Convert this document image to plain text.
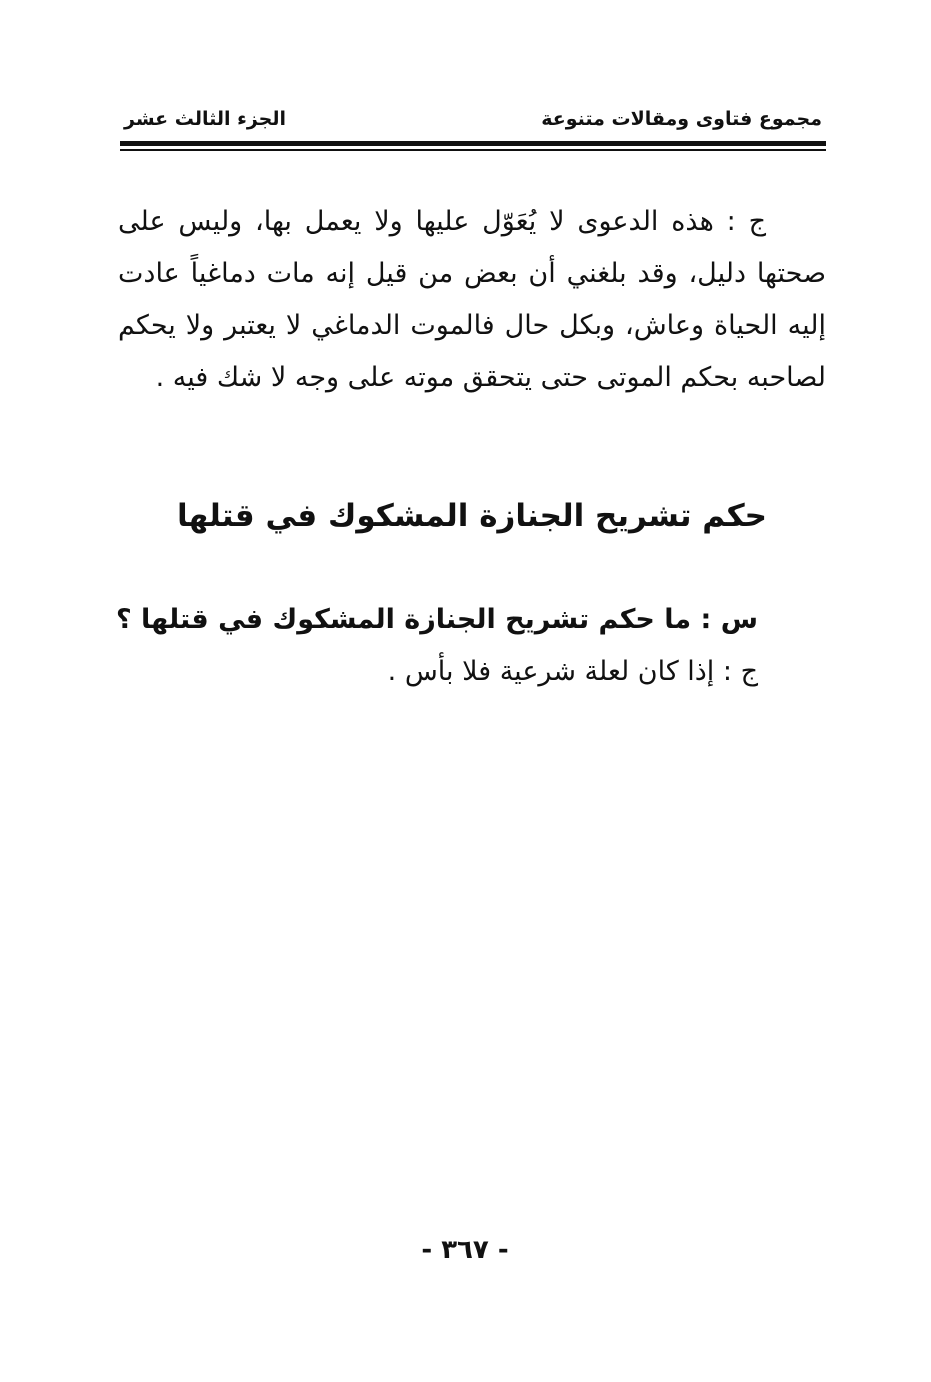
مجموع فتاوى ومقالات متنوعة
الجزء الثالث عشر

ج : هذه الدعوى لا يُعَوّل عليها ولا يعمل بها، وليس على صحتها دليل، وقد بلغني أن بعض من قيل إنه مات دماغياً عادت إليه الحياة وعاش، وبكل حال فالموت الدماغي لا يعتبر ولا يحكم لصاحبه بحكم الموتى حتى يتحقق موته على وجه لا شك فيه .

حكم تشريح الجنازة المشكوك في قتلها

س : ما حكم تشريح الجنازة المشكوك في قتلها ؟

ج : إذا كان لعلة شرعية فلا بأس .

- ٣٦٧ -
